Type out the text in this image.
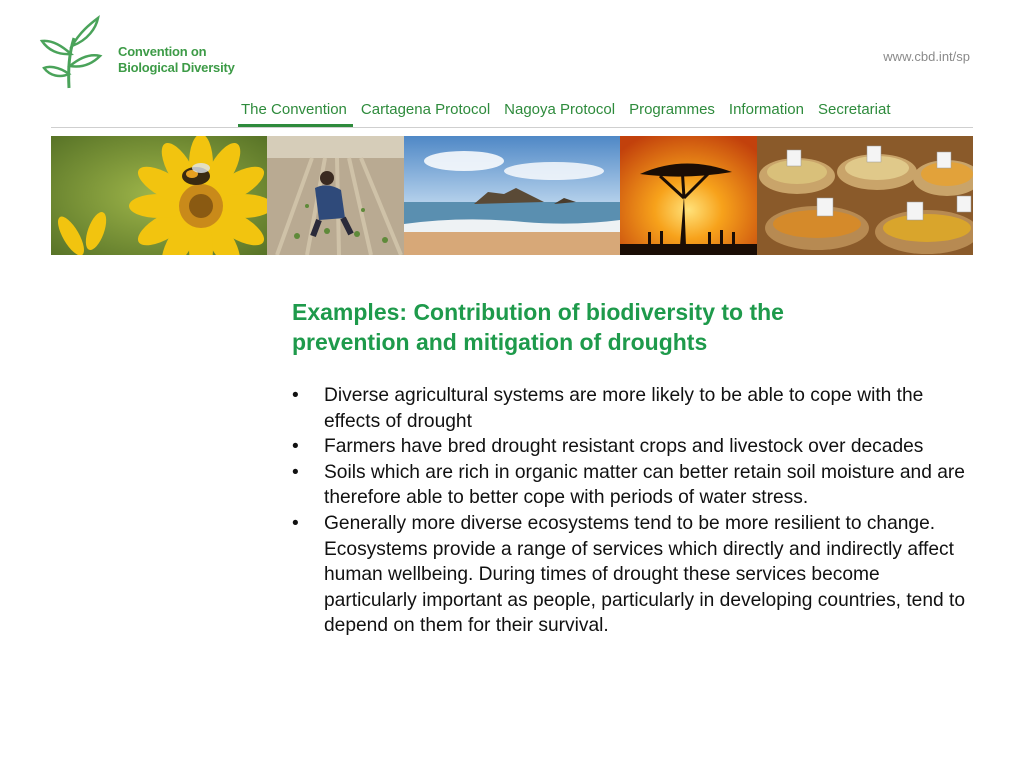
Convention on
Biological Diversity
www.cbd.int/sp
The Convention Cartagena Protocol Nagoya Protocol Programmes Information Secretariat
Examples: Contribution of biodiversity to the prevention and mitigation of droughts
• Diverse agricultural systems are more likely to be able to cope with the effects of drought
• Farmers have bred drought resistant crops and livestock over decades
• Soils which are rich in organic matter can better retain soil moisture and are therefore able to better cope with periods of water stress.
• Generally more diverse ecosystems tend to be more resilient to change. Ecosystems provide a range of services which directly and indirectly affect human wellbeing. During times of drought these services become particularly important as people, particularly in developing countries, tend to depend on them for their survival.
